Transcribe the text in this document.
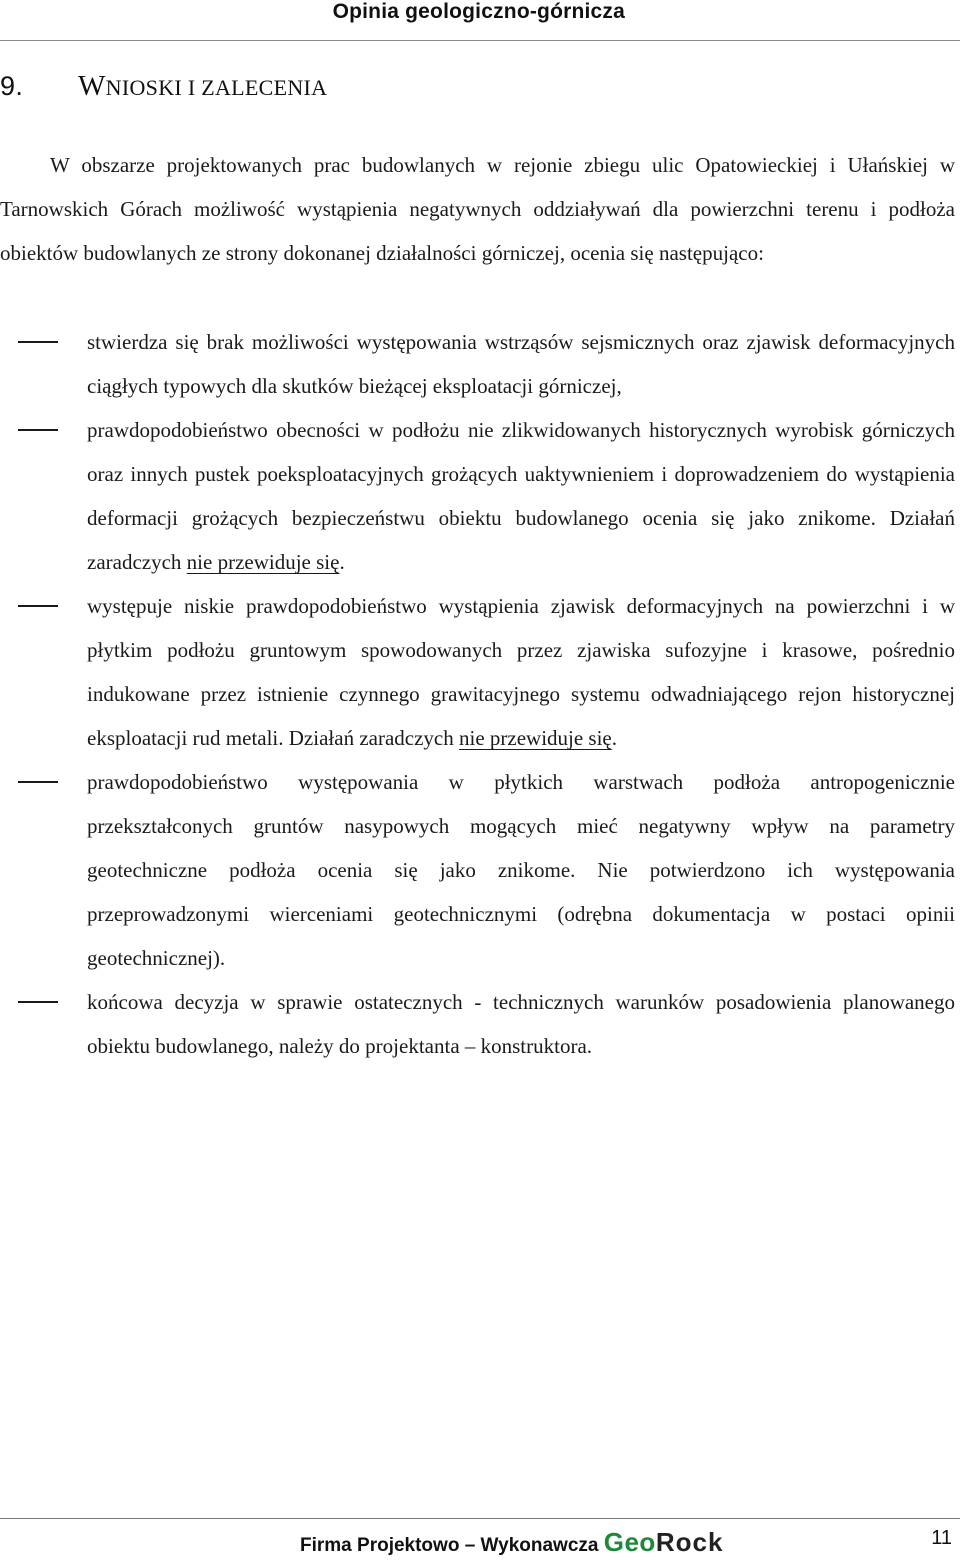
Opinia geologiczno-górnicza
9. WNIOSKI I ZALECENIA

W obszarze projektowanych prac budowlanych w rejonie zbiegu ulic Opatowieckiej i Ułańskiej w Tarnowskich Górach możliwość wystąpienia negatywnych oddziaływań dla powierzchni terenu i podłoża obiektów budowlanych ze strony dokonanej działalności górniczej, ocenia się następująco:

stwierdza się brak możliwości występowania wstrząsów sejsmicznych oraz zjawisk deformacyjnych ciągłych typowych dla skutków bieżącej eksploatacji górniczej,
prawdopodobieństwo obecności w podłożu nie zlikwidowanych historycznych wyrobisk górniczych oraz innych pustek poeksploatacyjnych grożących uaktywnieniem i doprowadzeniem do wystąpienia deformacji grożących bezpieczeństwu obiektu budowlanego ocenia się jako znikome. Działań zaradczych nie przewiduje się.
występuje niskie prawdopodobieństwo wystąpienia zjawisk deformacyjnych na powierzchni i w płytkim podłożu gruntowym spowodowanych przez zjawiska sufozyjne i krasowe, pośrednio indukowane przez istnienie czynnego grawitacyjnego systemu odwadniającego rejon historycznej eksploatacji rud metali. Działań zaradczych nie przewiduje się.
prawdopodobieństwo występowania w płytkich warstwach podłoża antropogenicznie przekształconych gruntów nasypowych mogących mieć negatywny wpływ na parametry geotechniczne podłoża ocenia się jako znikome. Nie potwierdzono ich występowania przeprowadzonymi wierceniami geotechnicznymi (odrębna dokumentacja w postaci opinii geotechnicznej).
końcowa decyzja w sprawie ostatecznych - technicznych warunków posadowienia planowanego obiektu budowlanego, należy do projektanta – konstruktora.
Firma Projektowo – Wykonawcza GeoRock	11
